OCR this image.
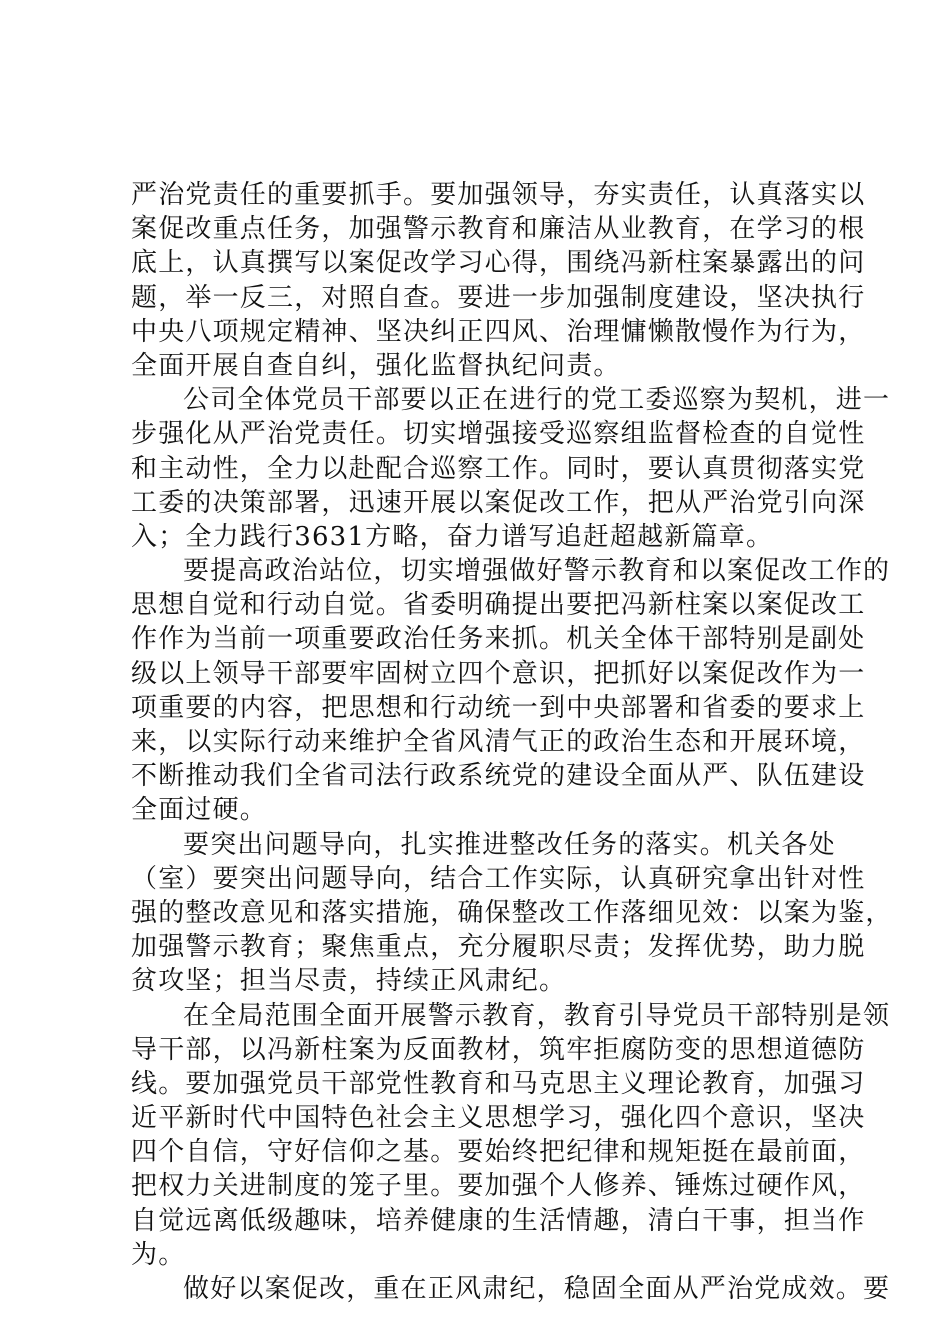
严治党责任的重要抓手。要加强领导，夯实责任，认真落实以
案促改重点任务，加强警示教育和廉洁从业教育，在学习的根
底上，认真撰写以案促改学习心得，围绕冯新柱案暴露出的问
题，举一反三，对照自查。要进一步加强制度建设，坚决执行
中央八项规定精神、坚决纠正四风、治理慵懒散慢作为行为，
全面开展自查自纠，强化监督执纪问责。
公司全体党员干部要以正在进行的党工委巡察为契机，进一
步强化从严治党责任。切实增强接受巡察组监督检查的自觉性
和主动性，全力以赴配合巡察工作。同时，要认真贯彻落实党
工委的决策部署，迅速开展以案促改工作，把从严治党引向深
入；全力践行3631方略，奋力谱写追赶超越新篇章。
要提高政治站位，切实增强做好警示教育和以案促改工作的
思想自觉和行动自觉。省委明确提出要把冯新柱案以案促改工
作作为当前一项重要政治任务来抓。机关全体干部特别是副处
级以上领导干部要牢固树立四个意识，把抓好以案促改作为一
项重要的内容，把思想和行动统一到中央部署和省委的要求上
来，以实际行动来维护全省风清气正的政治生态和开展环境，
不断推动我们全省司法行政系统党的建设全面从严、队伍建设
全面过硬。
要突出问题导向，扎实推进整改任务的落实。机关各处
（室）要突出问题导向，结合工作实际，认真研究拿出针对性
强的整改意见和落实措施，确保整改工作落细见效：以案为鉴，
加强警示教育；聚焦重点，充分履职尽责；发挥优势，助力脱
贫攻坚；担当尽责，持续正风肃纪。
在全局范围全面开展警示教育，教育引导党员干部特别是领
导干部，以冯新柱案为反面教材，筑牢拒腐防变的思想道德防
线。要加强党员干部党性教育和马克思主义理论教育，加强习
近平新时代中国特色社会主义思想学习，强化四个意识，坚决
四个自信，守好信仰之基。要始终把纪律和规矩挺在最前面，
把权力关进制度的笼子里。要加强个人修养、锤炼过硬作风，
自觉远离低级趣味，培养健康的生活情趣，清白干事，担当作
为。
做好以案促改，重在正风肃纪，稳固全面从严治党成效。要
